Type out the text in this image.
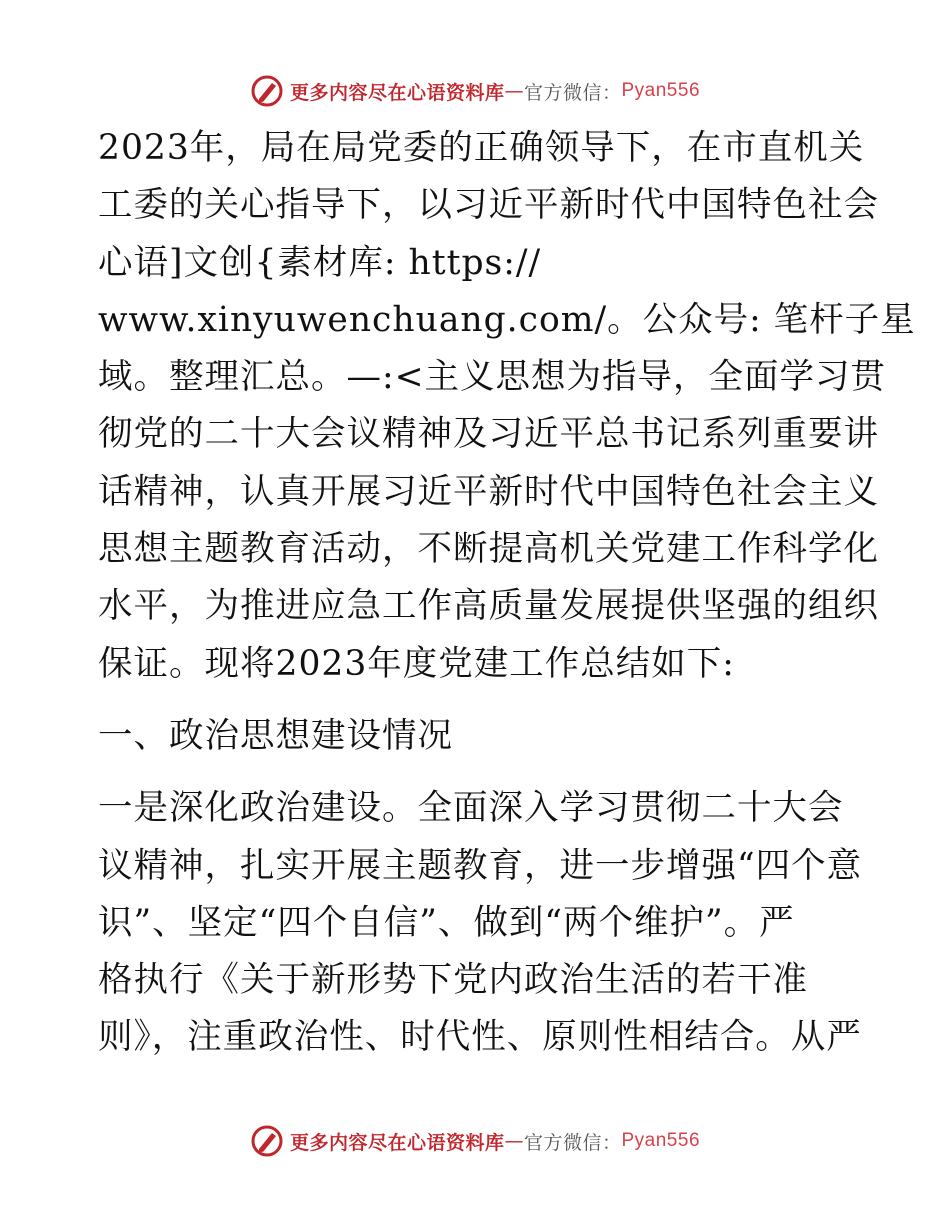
更多内容尽在心语资料库 — 官方微信： Pyan556

2023年，局在局党委的正确领导下，在市直机关
工委的关心指导下，以习近平新时代中国特色社会
心语]文创{素材库: https://
www.xinyuwenchuang.com/。公众号: 笔杆子星
域。整理汇总。—:<主义思想为指导，全面学习贯
彻党的二十大会议精神及习近平总书记系列重要讲
话精神，认真开展习近平新时代中国特色社会主义
思想主题教育活动，不断提高机关党建工作科学化
水平，为推进应急工作高质量发展提供坚强的组织
保证。现将2023年度党建工作总结如下:

一、政治思想建设情况

一是深化政治建设。全面深入学习贯彻二十大会
议精神，扎实开展主题教育，进一步增强“四个意
识”、坚定“四个自信”、做到“两个维护”。严
格执行《关于新形势下党内政治生活的若干准
则》，注重政治性、时代性、原则性相结合。从严

更多内容尽在心语资料库 — 官方微信： Pyan556
